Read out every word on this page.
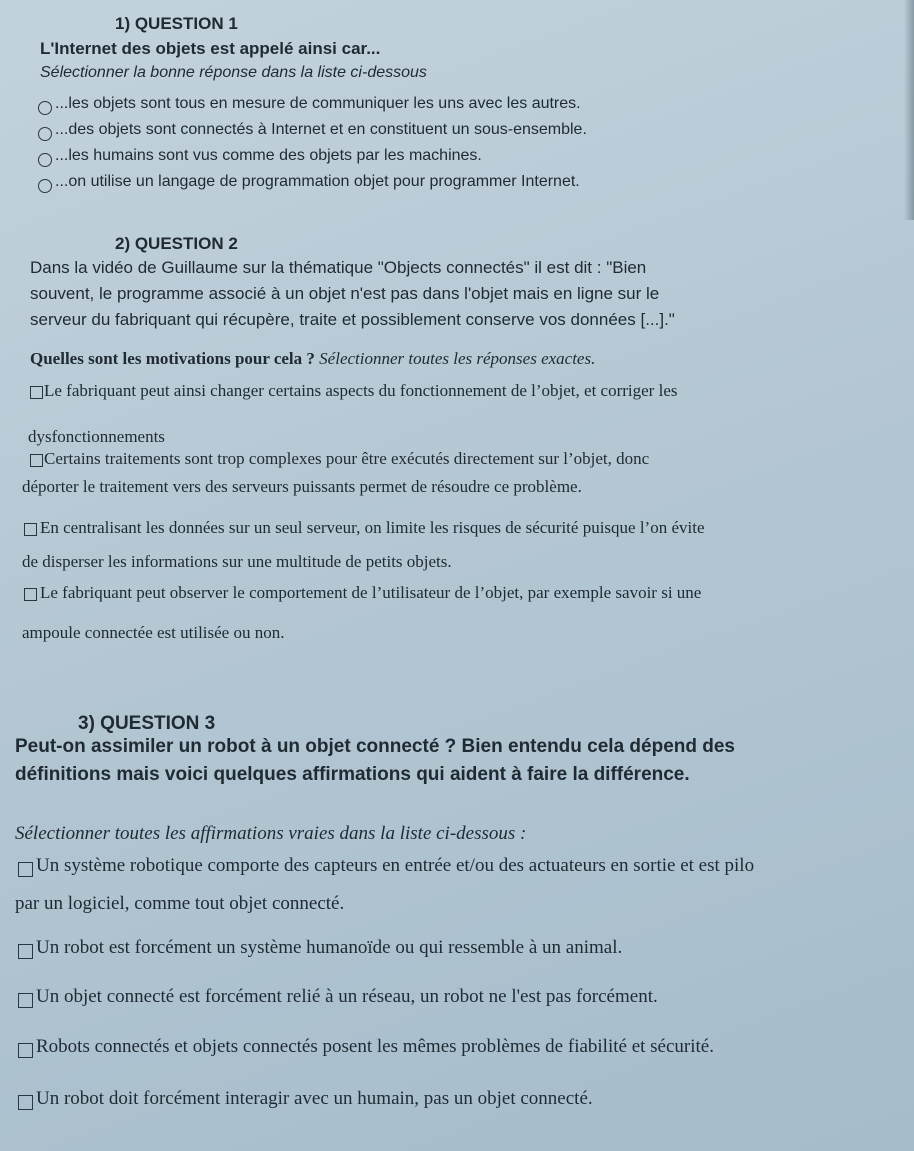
1) QUESTION 1
L'Internet des objets est appelé ainsi car...
Sélectionner la bonne réponse dans la liste ci-dessous
...les objets sont tous en mesure de communiquer les uns avec les autres.
...des objets sont connectés à Internet et en constituent un sous-ensemble.
...les humains sont vus comme des objets par les machines.
...on utilise un langage de programmation objet pour programmer Internet.
2) QUESTION 2
Dans la vidéo de Guillaume sur la thématique "Objects connectés" il est dit : "Bien
souvent, le programme associé à un objet n'est pas dans l'objet mais en ligne sur le
serveur du fabriquant qui récupère, traite et possiblement conserve vos données [...]."
Quelles sont les motivations pour cela ? Sélectionner toutes les réponses exactes.
Le fabriquant peut ainsi changer certains aspects du fonctionnement de l’objet, et corriger les
dysfonctionnements
Certains traitements sont trop complexes pour être exécutés directement sur l’objet, donc
déporter le traitement vers des serveurs puissants permet de résoudre ce problème.
En centralisant les données sur un seul serveur, on limite les risques de sécurité puisque l’on évite
de disperser les informations sur une multitude de petits objets.
Le fabriquant peut observer le comportement de l’utilisateur de l’objet, par exemple savoir si une
ampoule connectée est utilisée ou non.
3) QUESTION 3
Peut-on assimiler un robot à un objet connecté ? Bien entendu cela dépend des
définitions mais voici quelques affirmations qui aident à faire la différence.
Sélectionner toutes les affirmations vraies dans la liste ci-dessous :
Un système robotique comporte des capteurs en entrée et/ou des actuateurs en sortie et est pilo
par un logiciel, comme tout objet connecté.
Un robot est forcément un système humanoïde ou qui ressemble à un animal.
Un objet connecté est forcément relié à un réseau, un robot ne l'est pas forcément.
Robots connectés et objets connectés posent les mêmes problèmes de fiabilité et sécurité.
Un robot doit forcément interagir avec un humain, pas un objet connecté.
